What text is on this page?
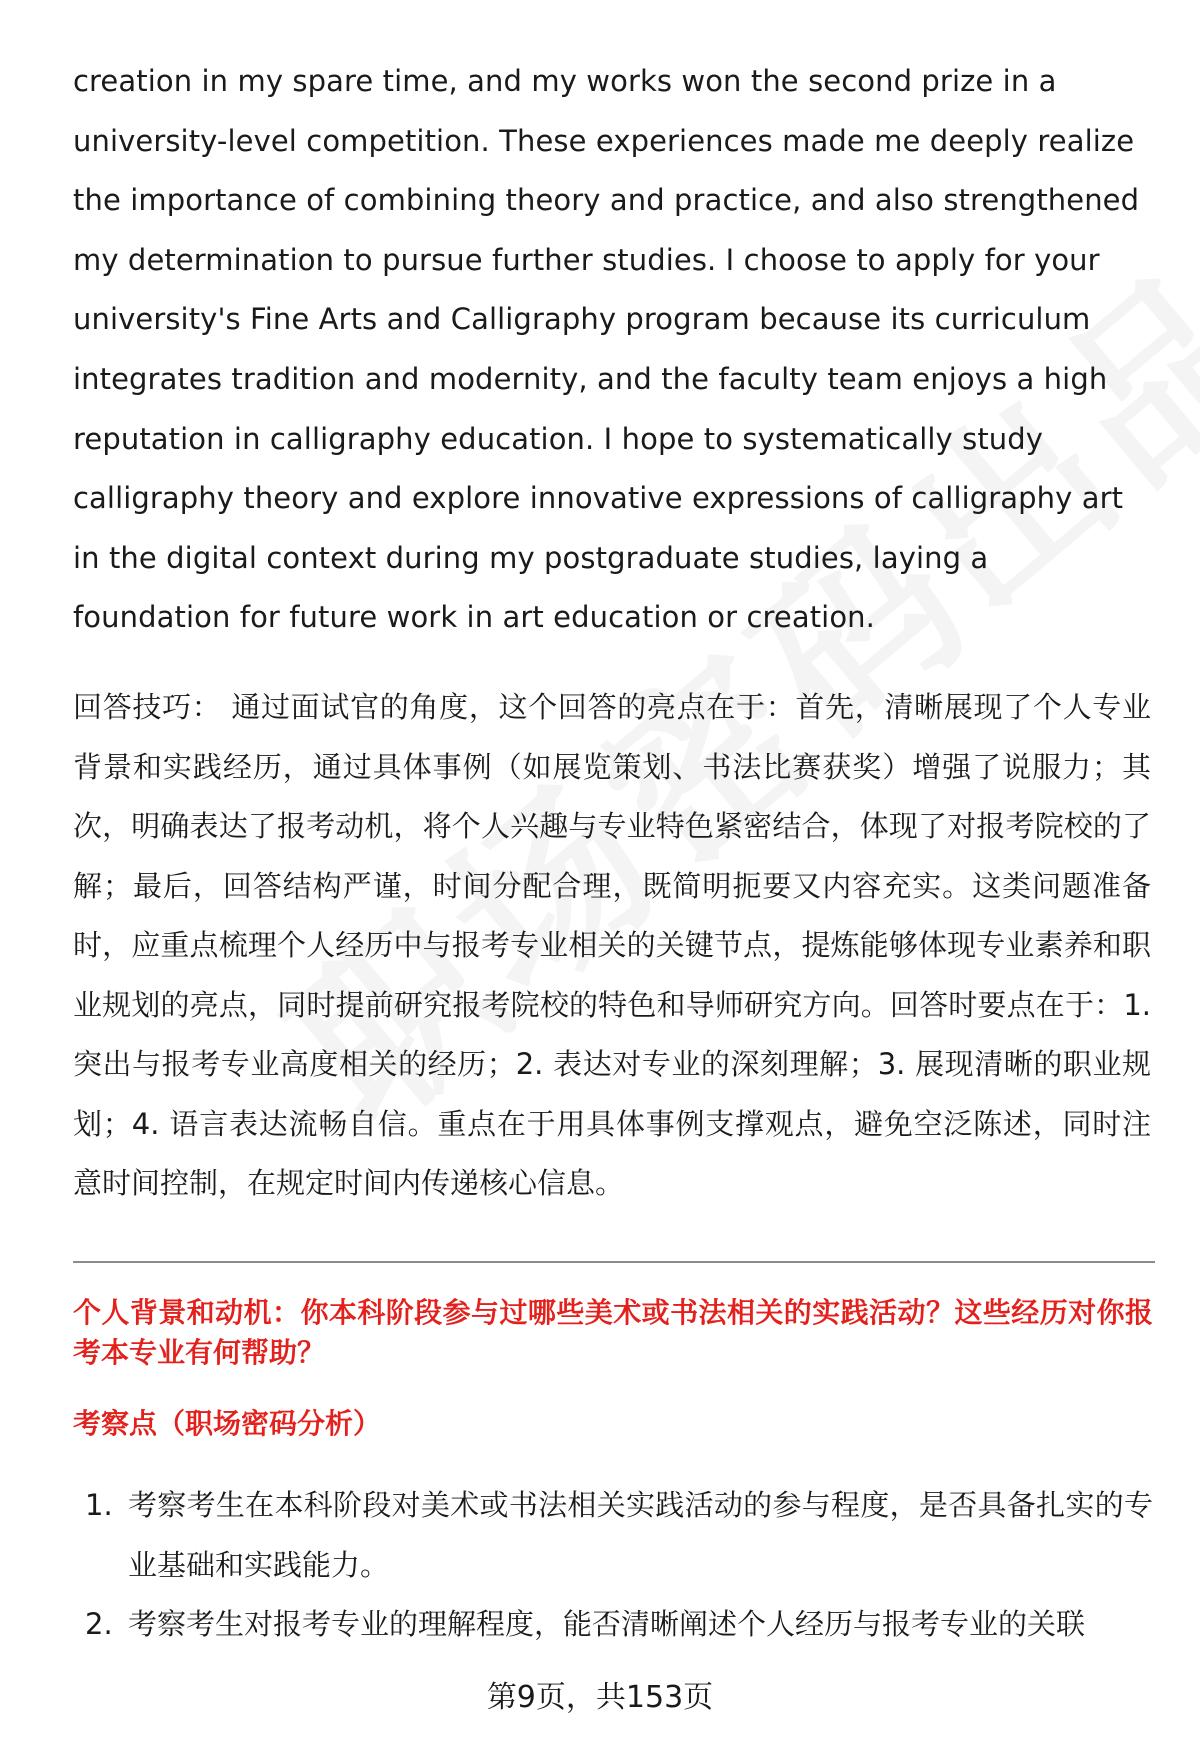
creation in my spare time, and my works won the second prize in a university-level competition. These experiences made me deeply realize the importance of combining theory and practice, and also strengthened my determination to pursue further studies. I choose to apply for your university's Fine Arts and Calligraphy program because its curriculum integrates tradition and modernity, and the faculty team enjoys a high reputation in calligraphy education. I hope to systematically study calligraphy theory and explore innovative expressions of calligraphy art in the digital context during my postgraduate studies, laying a foundation for future work in art education or creation.

回答技巧： 通过面试官的角度，这个回答的亮点在于：首先，清晰展现了个人专业背景和实践经历，通过具体事例（如展览策划、书法比赛获奖）增强了说服力；其次，明确表达了报考动机，将个人兴趣与专业特色紧密结合，体现了对报考院校的了解；最后，回答结构严谨，时间分配合理，既简明扼要又内容充实。这类问题准备时，应重点梳理个人经历中与报考专业相关的关键节点，提炼能够体现专业素养和职业规划的亮点，同时提前研究报考院校的特色和导师研究方向。回答时要点在于：1. 突出与报考专业高度相关的经历；2. 表达对专业的深刻理解；3. 展现清晰的职业规划；4. 语言表达流畅自信。重点在于用具体事例支撑观点，避免空泛陈述，同时注意时间控制，在规定时间内传递核心信息。

个人背景和动机：你本科阶段参与过哪些美术或书法相关的实践活动？这些经历对你报考本专业有何帮助？
考察点（职场密码分析）
1. 考察考生在本科阶段对美术或书法相关实践活动的参与程度，是否具备扎实的专业基础和实践能力。
2. 考察考生对报考专业的理解程度，能否清晰阐述个人经历与报考专业的关联
第9页，共153页
